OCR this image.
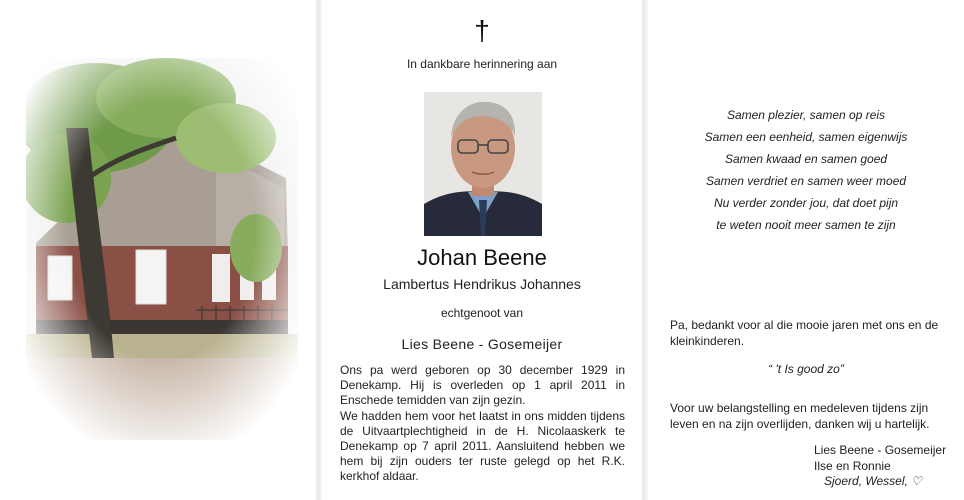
†
In dankbare herinnering aan
Johan Beene
Lambertus Hendrikus Johannes
echtgenoot van
Lies Beene - Gosemeijer

Ons pa werd geboren op 30 december 1929 in Denekamp. Hij is overleden op 1 april 2011 in Enschede temidden van zijn gezin.

We hadden hem voor het laatst in ons midden tijdens de Uitvaartplechtigheid in de H. Nicolaaskerk te Denekamp op 7 april 2011. Aansluitend hebben we hem bij zijn ouders ter ruste gelegd op het R.K. kerkhof aldaar.

Samen plezier, samen op reis
Samen een eenheid, samen eigenwijs
Samen kwaad en samen goed
Samen verdriet en samen weer moed
Nu verder zonder jou, dat doet pijn
te weten nooit meer samen te zijn
Pa, bedankt voor al die mooie jaren met ons en de kleinkinderen.
“ 't Is good zo”
Voor uw belangstelling en medeleven tijdens zijn leven en na zijn overlijden, danken wij u hartelijk.
Lies Beene - Gosemeijer
Ilse en Ronnie
Sjoerd, Wessel, ♡
